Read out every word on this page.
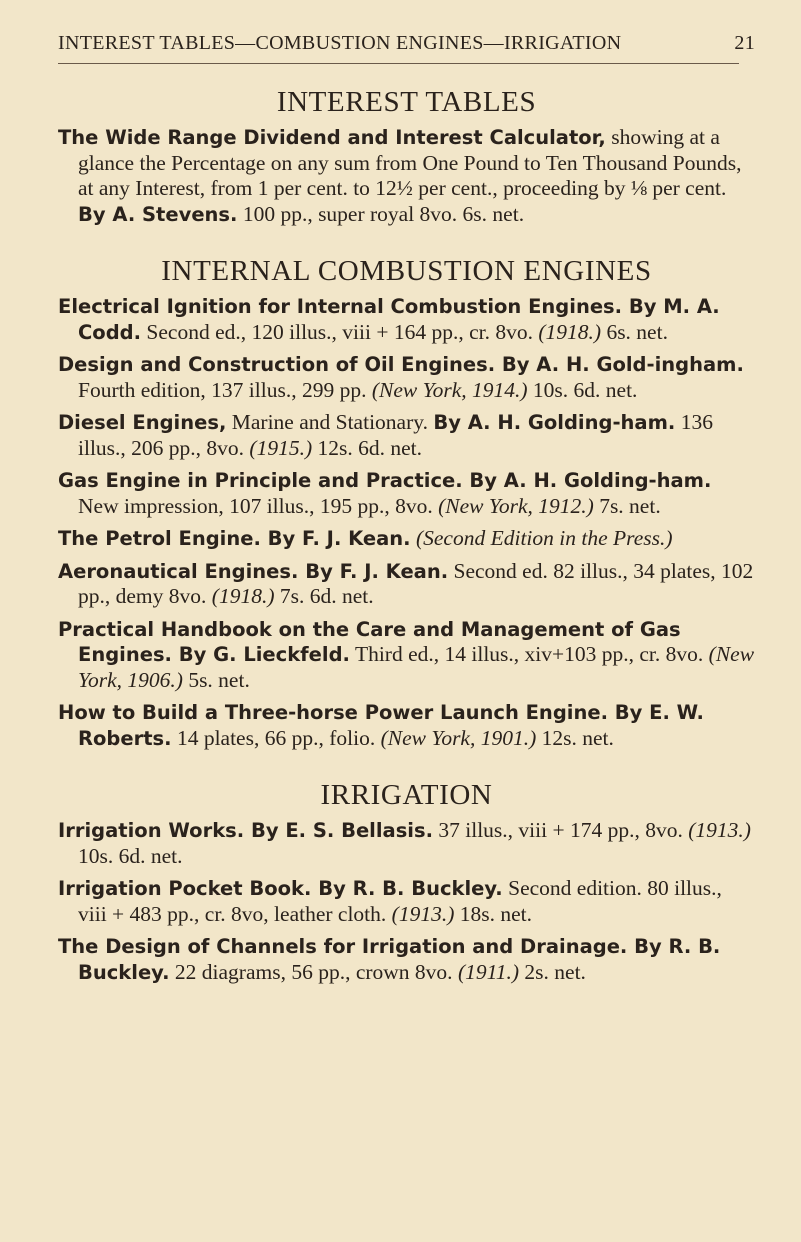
INTEREST TABLES—COMBUSTION ENGINES—IRRIGATION	21
INTEREST TABLES

The Wide Range Dividend and Interest Calculator, showing at a glance the Percentage on any sum from One Pound to Ten Thousand Pounds, at any Interest, from 1 per cent. to 12½ per cent., proceeding by ⅛ per cent. By A. Stevens. 100 pp., super royal 8vo. 6s. net.

INTERNAL COMBUSTION ENGINES

Electrical Ignition for Internal Combustion Engines. By M. A. Codd. Second ed., 120 illus., viii + 164 pp., cr. 8vo. (1918.) 6s. net.

Design and Construction of Oil Engines. By A. H. Gold-ingham. Fourth edition, 137 illus., 299 pp. (New York, 1914.) 10s. 6d. net.

Diesel Engines, Marine and Stationary. By A. H. Golding-ham. 136 illus., 206 pp., 8vo. (1915.) 12s. 6d. net.

Gas Engine in Principle and Practice. By A. H. Golding-ham. New impression, 107 illus., 195 pp., 8vo. (New York, 1912.) 7s. net.

The Petrol Engine. By F. J. Kean. (Second Edition in the Press.)

Aeronautical Engines. By F. J. Kean. Second ed. 82 illus., 34 plates, 102 pp., demy 8vo. (1918.) 7s. 6d. net.

Practical Handbook on the Care and Management of Gas Engines. By G. Lieckfeld. Third ed., 14 illus., xiv+103 pp., cr. 8vo. (New York, 1906.) 5s. net.

How to Build a Three-horse Power Launch Engine. By E. W. Roberts. 14 plates, 66 pp., folio. (New York, 1901.) 12s. net.

IRRIGATION

Irrigation Works. By E. S. Bellasis. 37 illus., viii + 174 pp., 8vo. (1913.) 10s. 6d. net.

Irrigation Pocket Book. By R. B. Buckley. Second edition. 80 illus., viii + 483 pp., cr. 8vo, leather cloth. (1913.) 18s. net.

The Design of Channels for Irrigation and Drainage. By R. B. Buckley. 22 diagrams, 56 pp., crown 8vo. (1911.) 2s. net.
